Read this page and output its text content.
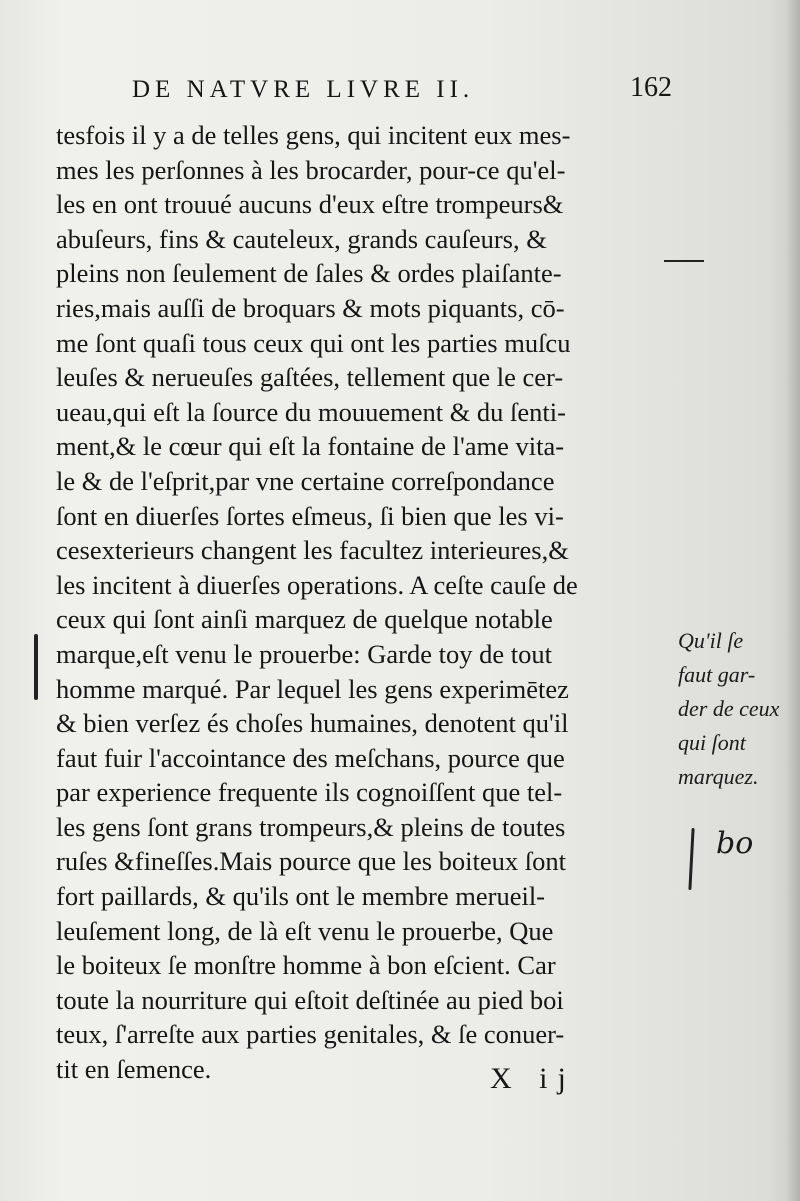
DE NATVRE LIVRE II.	162
tesfois il y a de telles gens, qui incitent eux mes-
mes les perſonnes à les brocarder, pour-ce qu'el-
les en ont trouué aucuns d'eux eſtre trompeurs&
abuſeurs, fins & cauteleux, grands cauſeurs, &
pleins non ſeulement de ſales & ordes plaiſante-
ries,mais auſſi de broquars & mots piquants, cō-
me ſont quaſi tous ceux qui ont les parties muſcu
leuſes & nerueuſes gaſtées, tellement que le cer-
ueau,qui eſt la ſource du mouuement & du ſenti-
ment,& le cœur qui eſt la fontaine de l'ame vita-
le & de l'eſprit,par vne certaine correſpondance
ſont en diuerſes ſortes eſmeus, ſi bien que les vi-
cesexterieurs changent les facultez interieures,&
les incitent à diuerſes operations. A ceſte cauſe de
ceux qui ſont ainſi marquez de quelque notable
marque,eſt venu le prouerbe: Garde toy de tout
homme marqué. Par lequel les gens experimētez
& bien verſez és choſes humaines, denotent qu'il
faut fuir l'accointance des meſchans, pource que
par experience frequente ils cognoiſſent que tel-
les gens ſont grans trompeurs,& pleins de toutes
ruſes &fineſſes.Mais pource que les boiteux ſont
fort paillards, & qu'ils ont le membre merueil-
leuſement long, de là eſt venu le prouerbe, Que
le boiteux ſe monſtre homme à bon eſcient. Car
toute la nourriture qui eſtoit deſtinée au pied boi
teux, ſ'arreſte aux parties genitales, & ſe conuer-
tit en ſemence.
Qu'il ſe
faut gar-
der de ceux
qui ſont
marquez.
bo
X ij
